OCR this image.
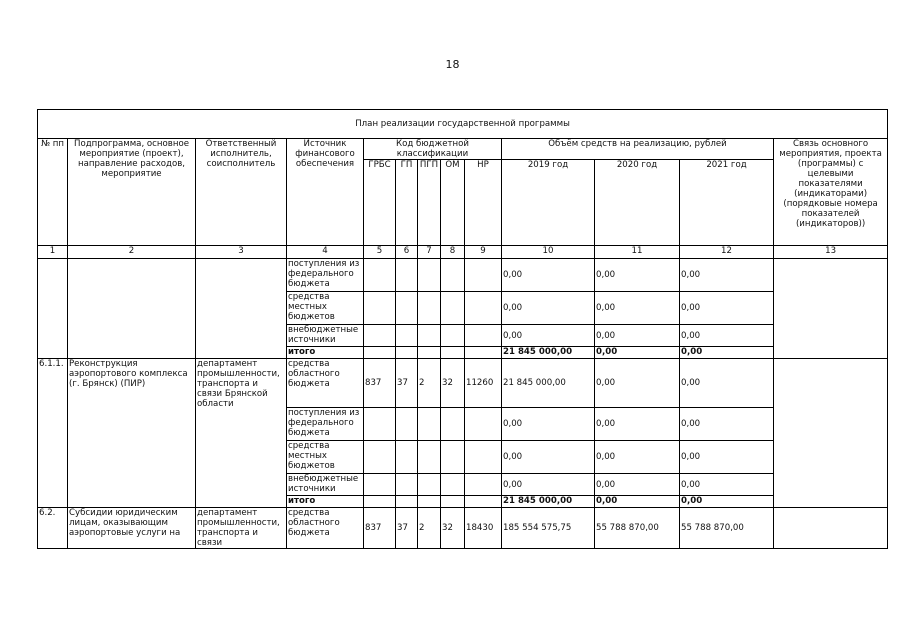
18
План реализации государственной программы												
№ пп	Подпрограмма, основное мероприятие (проект), направление расходов, мероприятие	Ответственный исполнитель, соисполнитель	Источник финансового обеспечения	Код бюджетной классификации					Объём средств на реализацию, рублей			Связь основного мероприятия, проекта (программы) с целевыми показателями (индикаторами) (порядковые номера показателей (индикаторов))
				ГРБС	ГП	ПГП	ОМ	НР	2019 год	2020 год	2021 год	
1	2	3	4	5	6	7	8	9	10	11	12	13
			поступления из федерального бюджета						0,00	0,00	0,00	
			средства местных бюджетов						0,00	0,00	0,00	
			внебюджетные источники						0,00	0,00	0,00	
			итого						21 845 000,00	0,00	0,00	
6.1.1.	Реконструкция аэропортового комплекса (г. Брянск) (ПИР)	департамент промышленности, транспорта и связи Брянской области	средства областного бюджета	837	37	2	32	11260	21 845 000,00	0,00	0,00	
			поступления из федерального бюджета						0,00	0,00	0,00	
			средства местных бюджетов						0,00	0,00	0,00	
			внебюджетные источники						0,00	0,00	0,00	
			итого						21 845 000,00	0,00	0,00	
6.2.	Субсидии юридическим лицам, оказывающим аэропортовые услуги на	департамент промышленности, транспорта и связи	средства областного бюджета	837	37	2	32	18430	185 554 575,75	55 788 870,00	55 788 870,00	
